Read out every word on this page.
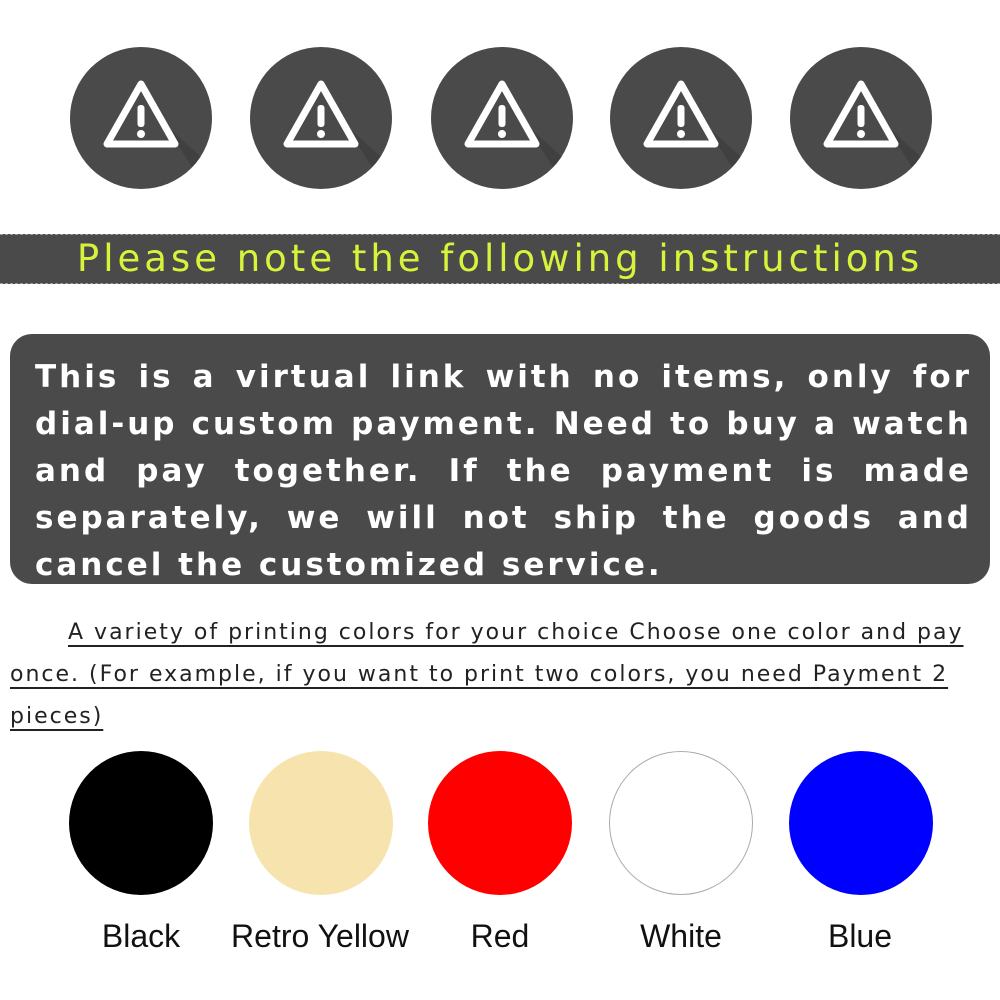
Please note the following instructions

This is a virtual link with no items, only for dial-up custom payment. Need to buy a watch and pay together. If the payment is made separately, we will not ship the goods and cancel the customized service.

A variety of printing colors for your choice Choose one color and pay once. (For example, if you want to print two colors, you need Payment 2 pieces)

Black	Retro Yellow	Red	White	Blue
